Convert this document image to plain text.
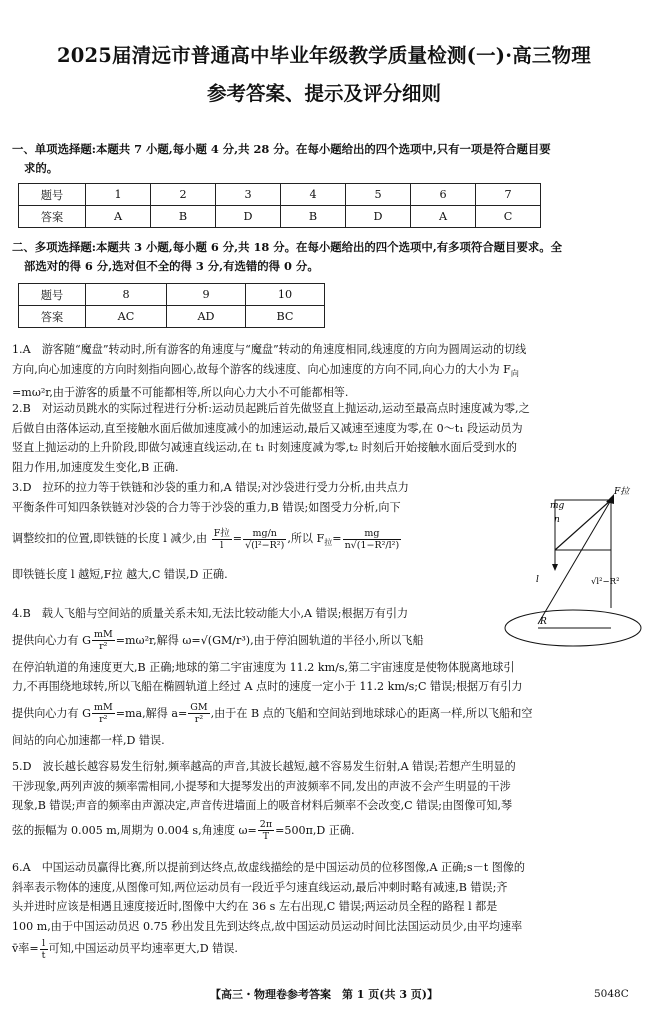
2025届清远市普通高中毕业年级教学质量检测(一)·高三物理
参考答案、提示及评分细则
一、单项选择题:本题共 7 小题,每小题 4 分,共 28 分。在每小题给出的四个选项中,只有一项是符合题目要
求的。
题号	1	2	3	4	5	6	7
答案	A	B	D	B	D	A	C
二、多项选择题:本题共 3 小题,每小题 6 分,共 18 分。在每小题给出的四个选项中,有多项符合题目要求。全
部选对的得 6 分,选对但不全的得 3 分,有选错的得 0 分。
题号	8	9	10
答案	AC	AD	BC

1.A　游客随“魔盘”转动时,所有游客的角速度与“魔盘”转动的角速度相同,线速度的方向为圆周运动的切线

方向,向心加速度的方向时刻指向圆心,故每个游客的线速度、向心加速度的方向不同,向心力的大小为 $F_向$

=mω²r,由于游客的质量不可能都相等,所以向心力大小不可能都相等.

2.B　对运动员跳水的实际过程进行分析:运动员起跳后首先做竖直上抛运动,运动至最高点时速度减为零,之

后做自由落体运动,直至接触水面后做加速度减小的加速运动,最后又减速至速度为零,在 0～t₁ 段运动员为

竖直上抛运动的上升阶段,即做匀减速直线运动,在 t₁ 时刻速度减为零,t₂ 时刻后开始接触水面后受到水的

阻力作用,加速度发生变化,B 正确.

3.D　拉环的拉力等于铁链和沙袋的重力和,A 错误;对沙袋进行受力分析,由共点力

平衡条件可知四条铁链对沙袋的合力等于沙袋的重力,B 错误;如图受力分析,向下

调整绞扣的位置,即铁链的长度 l 减少,由 $\frac{\text{F拉}}{l} = \frac{mg/n}{\text{√(l²−R²)}}$ ,所以 $F_拉= \frac{mg}{\text{n√(1−R²/l²)}}$

即铁链长度 l 越短,F拉 越大,C 错误,D 正确.

mg
n
F拉
l	√l²−R²
R

4.B　载人飞船与空间站的质量关系未知,无法比较动能大小,A 错误;根据万有引力

提供向心力有 G $\frac{mM}{\text{r²}} =m\omega^2r$,解得 ω=√(GM/r³),由于停泊圆轨道的半径小,所以飞船

在停泊轨道的角速度更大,B 正确;地球的第二宇宙速度为 11.2 km/s,第二宇宙速度是使物体脱离地球引

力,不再围绕地球转,所以飞船在椭圆轨道上经过 A 点时的速度一定小于 11.2 km/s;C 错误;根据万有引力

提供向心力有 G $\frac{mM}{\text{r²}} =ma$,解得 $a= \frac{GM}{\text{r²}}$ ,由于在 B 点的飞船和空间站到地球球心的距离一样,所以飞船和空

间站的向心加速都一样,D 错误.

5.D　波长越长越容易发生衍射,频率越高的声音,其波长越短,越不容易发生衍射,A 错误;若想产生明显的

干涉现象,两列声波的频率需相同,小提琴和大提琴发出的声波频率不同,发出的声波不会产生明显的干涉

现象,B 错误;声音的频率由声源决定,声音传进墙面上的吸音材料后频率不会改变,C 错误;由图像可知,琴

弦的振幅为 0.005 m,周期为 0.004 s,角速度 $\omega= \frac{2\pi}{T} =500\pi,D$ 正确.

6.A　中国运动员赢得比赛,所以提前到达终点,故虚线描绘的是中国运动员的位移图像,A 正确;s－t 图像的

斜率表示物体的速度,从图像可知,两位运动员有一段近乎匀速直线运动,最后冲刺时略有减速,B 错误;齐

头并进时应该是相遇且速度接近时,图像中大约在 36 s 左右出现,C 错误;两运动员全程的路程 l 都是

100 m,由于中国运动员迟 0.75 秒出发且先到达终点,故中国运动员运动时间比法国运动员少,由平均速率

v̄率= $\frac{l}{t}$ 可知,中国运动员平均速率更大,D 错误.

【高三・物理卷参考答案　第 1 页(共 3 页)】	5048C
